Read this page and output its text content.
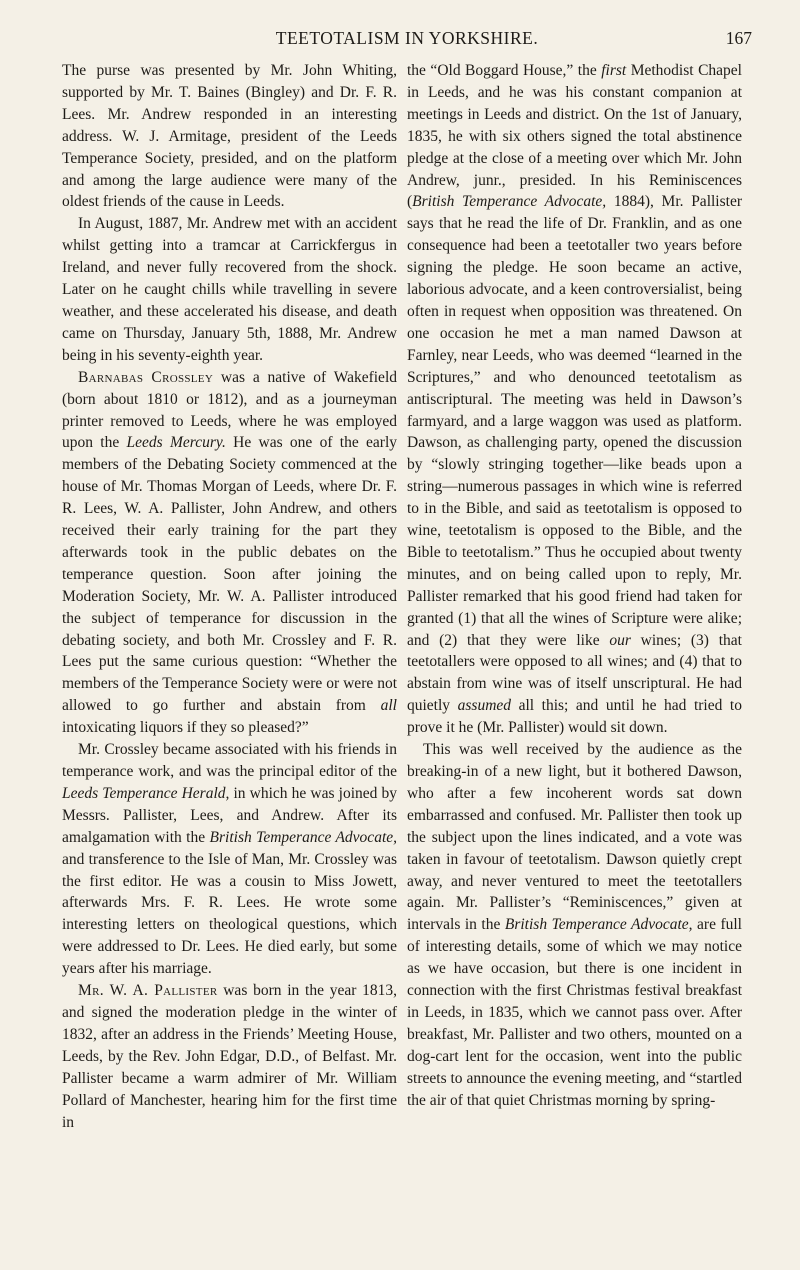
TEETOTALISM IN YORKSHIRE.	167

The purse was presented by Mr. John Whiting, supported by Mr. T. Baines (Bingley) and Dr. F. R. Lees. Mr. Andrew responded in an interesting address. W. J. Armitage, president of the Leeds Temperance Society, presided, and on the platform and among the large audience were many of the oldest friends of the cause in Leeds.

In August, 1887, Mr. Andrew met with an accident whilst getting into a tramcar at Carrickfergus in Ireland, and never fully recovered from the shock. Later on he caught chills while travelling in severe weather, and these accelerated his disease, and death came on Thursday, January 5th, 1888, Mr. Andrew being in his seventy-eighth year.

Barnabas Crossley was a native of Wakefield (born about 1810 or 1812), and as a journeyman printer removed to Leeds, where he was employed upon the Leeds Mercury. He was one of the early members of the Debating Society commenced at the house of Mr. Thomas Morgan of Leeds, where Dr. F. R. Lees, W. A. Pallister, John Andrew, and others received their early training for the part they afterwards took in the public debates on the temperance question. Soon after joining the Moderation Society, Mr. W. A. Pallister introduced the subject of temperance for discussion in the debating society, and both Mr. Crossley and F. R. Lees put the same curious question: “Whether the members of the Temperance Society were or were not allowed to go further and abstain from all intoxicating liquors if they so pleased?”

Mr. Crossley became associated with his friends in temperance work, and was the principal editor of the Leeds Temperance Herald, in which he was joined by Messrs. Pallister, Lees, and Andrew. After its amalgamation with the British Temperance Advocate, and transference to the Isle of Man, Mr. Crossley was the first editor. He was a cousin to Miss Jowett, afterwards Mrs. F. R. Lees. He wrote some interesting letters on theological questions, which were addressed to Dr. Lees. He died early, but some years after his marriage.

Mr. W. A. Pallister was born in the year 1813, and signed the moderation pledge in the winter of 1832, after an address in the Friends’ Meeting House, Leeds, by the Rev. John Edgar, D.D., of Belfast. Mr. Pallister became a warm admirer of Mr. William Pollard of Manchester, hearing him for the first time in

the “Old Boggard House,” the first Methodist Chapel in Leeds, and he was his constant companion at meetings in Leeds and district. On the 1st of January, 1835, he with six others signed the total abstinence pledge at the close of a meeting over which Mr. John Andrew, junr., presided. In his Reminiscences (British Temperance Advocate, 1884), Mr. Pallister says that he read the life of Dr. Franklin, and as one consequence had been a teetotaller two years before signing the pledge. He soon became an active, laborious advocate, and a keen controversialist, being often in request when opposition was threatened. On one occasion he met a man named Dawson at Farnley, near Leeds, who was deemed “learned in the Scriptures,” and who denounced teetotalism as antiscriptural. The meeting was held in Dawson’s farmyard, and a large waggon was used as platform. Dawson, as challenging party, opened the discussion by “slowly stringing together—like beads upon a string—numerous passages in which wine is referred to in the Bible, and said as teetotalism is opposed to wine, teetotalism is opposed to the Bible, and the Bible to teetotalism.” Thus he occupied about twenty minutes, and on being called upon to reply, Mr. Pallister remarked that his good friend had taken for granted (1) that all the wines of Scripture were alike; and (2) that they were like our wines; (3) that teetotallers were opposed to all wines; and (4) that to abstain from wine was of itself unscriptural. He had quietly assumed all this; and until he had tried to prove it he (Mr. Pallister) would sit down.

This was well received by the audience as the breaking-in of a new light, but it bothered Dawson, who after a few incoherent words sat down embarrassed and confused. Mr. Pallister then took up the subject upon the lines indicated, and a vote was taken in favour of teetotalism. Dawson quietly crept away, and never ventured to meet the teetotallers again. Mr. Pallister’s “Reminiscences,” given at intervals in the British Temperance Advocate, are full of interesting details, some of which we may notice as we have occasion, but there is one incident in connection with the first Christmas festival breakfast in Leeds, in 1835, which we cannot pass over. After breakfast, Mr. Pallister and two others, mounted on a dog-cart lent for the occasion, went into the public streets to announce the evening meeting, and “startled the air of that quiet Christmas morning by spring-
